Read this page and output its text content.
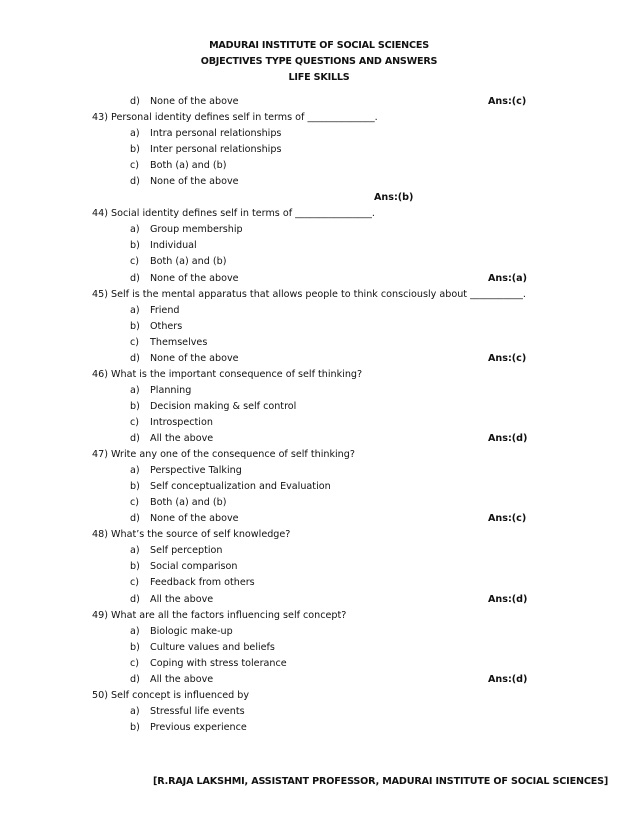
MADURAI INSTITUTE OF SOCIAL SCIENCES
OBJECTIVES TYPE QUESTIONS AND ANSWERS
LIFE SKILLS
d) None of the above	Ans:(c)
43) Personal identity defines self in terms of ______________.
a) Intra personal relationships
b) Inter personal relationships
c) Both (a) and (b)
d) None of the above
Ans:(b)
44) Social identity defines self in terms of ________________.
a) Group membership
b) Individual
c) Both (a) and (b)
d) None of the above	Ans:(a)
45) Self is the mental apparatus that allows people to think consciously about ___________.
a) Friend
b) Others
c) Themselves
d) None of the above	Ans:(c)
46) What is the important consequence of self thinking?
a) Planning
b) Decision making & self control
c) Introspection
d) All the above	Ans:(d)
47) Write any one of the consequence of self thinking?
a) Perspective Talking
b) Self conceptualization and Evaluation
c) Both (a) and (b)
d) None of the above	Ans:(c)
48) What’s the source of self knowledge?
a) Self perception
b) Social comparison
c) Feedback from others
d) All the above	Ans:(d)
49) What are all the factors influencing self concept?
a) Biologic make-up
b) Culture values and beliefs
c) Coping with stress tolerance
d) All the above	Ans:(d)
50) Self concept is influenced by
a) Stressful life events
b) Previous experience
[R.RAJA LAKSHMI, ASSISTANT PROFESSOR, MADURAI INSTITUTE OF SOCIAL SCIENCES]
